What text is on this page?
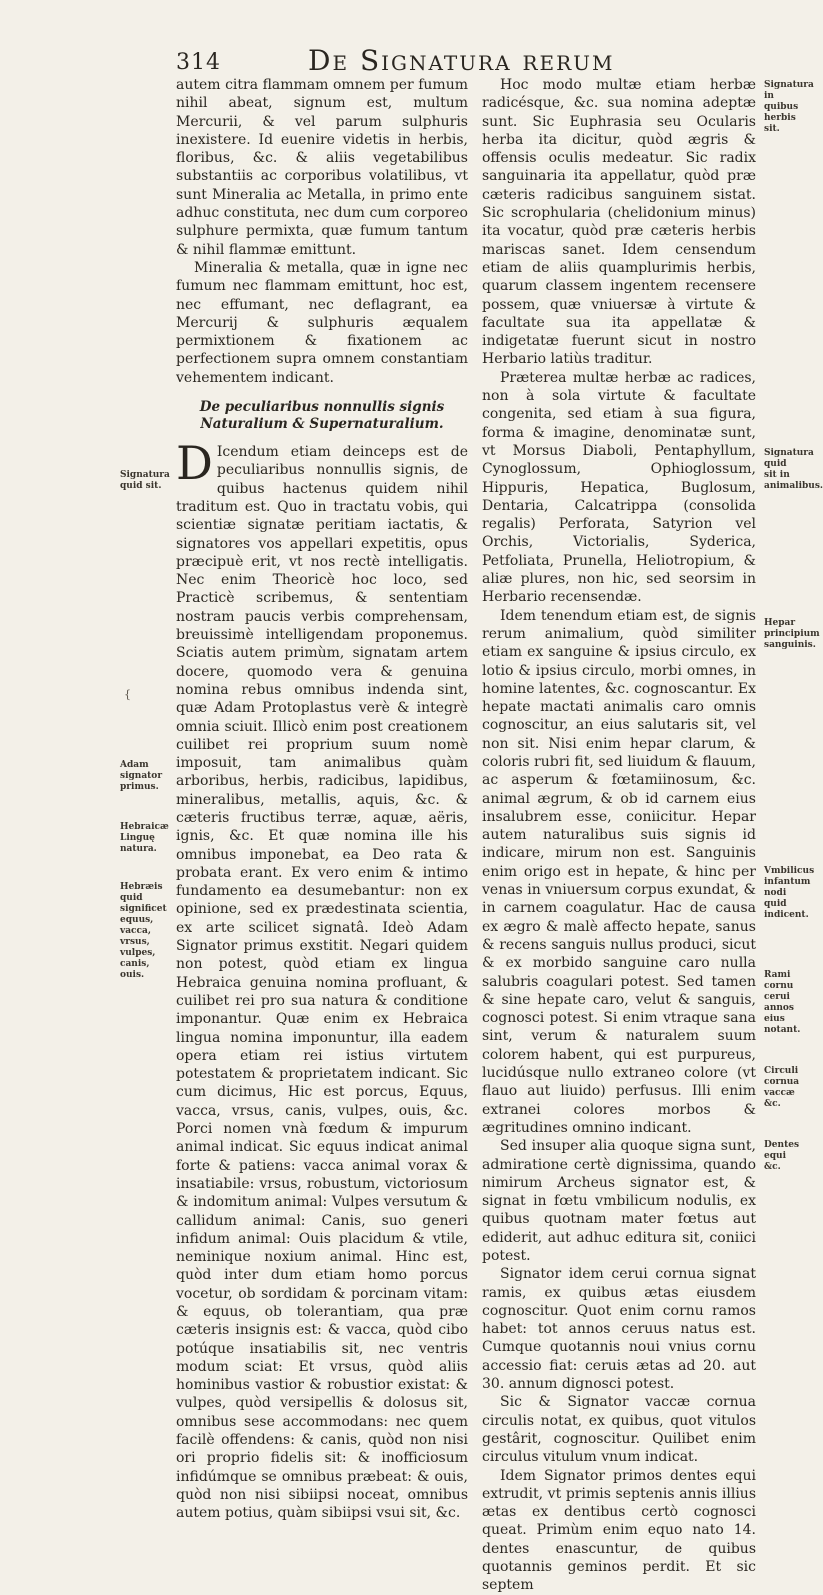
314	De Signatura rerum

autem citra flammam omnem per fumum nihil abeat, signum est, multum Mercurii, & vel parum sulphuris inexistere. Id euenire videtis in herbis, floribus, &c. & aliis vegetabilibus substantiis ac corporibus volatilibus, vt sunt Mineralia ac Metalla, in primo ente adhuc constituta, nec dum cum corporeo sulphure permixta, quæ fumum tantum & nihil flammæ emittunt.

Mineralia & metalla, quæ in igne nec fumum nec flammam emittunt, hoc est, nec effumant, nec deflagrant, ea Mercurij & sulphuris æqualem permixtionem & fixationem ac perfectionem supra omnem constantiam vehementem indicant.

De peculiaribus nonnullis signis Naturalium & Supernaturalium.

D Icendum etiam deinceps est de peculiaribus nonnullis signis, de quibus hactenus quidem nihil traditum est. Quo in tractatu vobis, qui scientiæ signatæ peritiam iactatis, & signatores vos appellari expetitis, opus præcipuè erit, vt nos rectè intelligatis. Nec enim Theoricè hoc loco, sed Practicè scribemus, & sententiam nostram paucis verbis comprehensam, breuissimè intelligendam proponemus. Sciatis autem primùm, signatam artem docere, quomodo vera & genuina nomina rebus omnibus indenda sint, quæ Adam Protoplastus verè & integrè omnia sciuit. Illicò enim post creationem cuilibet rei proprium suum nomè imposuit, tam animalibus quàm arboribus, herbis, radicibus, lapidibus, mineralibus, metallis, aquis, &c. & cæteris fructibus terræ, aquæ, aëris, ignis, &c. Et quæ nomina ille his omnibus imponebat, ea Deo rata & probata erant. Ex vero enim & intimo fundamento ea desumebantur: non ex opinione, sed ex prædestinata scientia, ex arte scilicet signatâ. Ideò Adam Signator primus exstitit. Negari quidem non potest, quòd etiam ex lingua Hebraica genuina nomina profluant, & cuilibet rei pro sua natura & conditione imponantur. Quæ enim ex Hebraica lingua nomina imponuntur, illa eadem opera etiam rei istius virtutem potestatem & proprietatem indicant. Sic cum dicimus, Hic est porcus, Equus, vacca, vrsus, canis, vulpes, ouis, &c. Porci nomen vnà fœdum & impurum animal indicat. Sic equus indicat animal forte & patiens: vacca animal vorax & insatiabile: vrsus, robustum, victoriosum & indomitum animal: Vulpes versutum & callidum animal: Canis, suo generi infidum animal: Ouis placidum & vtile, neminique noxium animal. Hinc est, quòd inter dum etiam homo porcus vocetur, ob sordidam & porcinam vitam: & equus, ob tolerantiam, qua præ cæteris insignis est: & vacca, quòd cibo potúque insatiabilis sit, nec ventris modum sciat: Et vrsus, quòd aliis hominibus vastior & robustior existat: & vulpes, quòd versipellis & dolosus sit, omnibus sese accommodans: nec quem facilè offendens: & canis, quòd non nisi ori proprio fidelis sit: & inofficiosum infidúmque se omnibus præbeat: & ouis, quòd non nisi sibiipsi noceat, omnibus autem potius, quàm sibiipsi vsui sit, &c.

Hoc modo multæ etiam herbæ radicésque, &c. sua nomina adeptæ sunt. Sic Euphrasia seu Ocularis herba ita dicitur, quòd ægris & offensis oculis medeatur. Sic radix sanguinaria ita appellatur, quòd præ cæteris radicibus sanguinem sistat. Sic scrophularia (chelidonium minus) ita vocatur, quòd præ cæteris herbis mariscas sanet. Idem censendum etiam de aliis quamplurimis herbis, quarum classem ingentem recensere possem, quæ vniuersæ à virtute & facultate sua ita appellatæ & indigetatæ fuerunt sicut in nostro Herbario latiùs traditur.

Præterea multæ herbæ ac radices, non à sola virtute & facultate congenita, sed etiam à sua figura, forma & imagine, denominatæ sunt, vt Morsus Diaboli, Pentaphyllum, Cynoglossum, Ophioglossum, Hippuris, Hepatica, Buglosum, Dentaria, Calcatrippa (consolida regalis) Perforata, Satyrion vel Orchis, Victorialis, Syderica, Petfoliata, Prunella, Heliotropium, & aliæ plures, non hic, sed seorsim in Herbario recensendæ.

Idem tenendum etiam est, de signis rerum animalium, quòd similiter etiam ex sanguine & ipsius circulo, ex lotio & ipsius circulo, morbi omnes, in homine latentes, &c. cognoscantur. Ex hepate mactati animalis caro omnis cognoscitur, an eius salutaris sit, vel non sit. Nisi enim hepar clarum, & coloris rubri fit, sed liuidum & flauum, ac asperum & fœtamiinosum, &c. animal ægrum, & ob id carnem eius insalubrem esse, coniicitur. Hepar autem naturalibus suis signis id indicare, mirum non est. Sanguinis enim origo est in hepate, & hinc per venas in vniuersum corpus exundat, & in carnem coagulatur. Hac de causa ex ægro & malè affecto hepate, sanus & recens sanguis nullus produci, sicut & ex morbido sanguine caro nulla salubris coagulari potest. Sed tamen & sine hepate caro, velut & sanguis, cognosci potest. Si enim vtraque sana sint, verum & naturalem suum colorem habent, qui est purpureus, lucidúsque nullo extraneo colore (vt flauo aut liuido) perfusus. Illi enim extranei colores morbos & ægritudines omnino indicant.

Sed insuper alia quoque signa sunt, admiratione certè dignissima, quando nimirum Archeus signator est, & signat in fœtu vmbilicum nodulis, ex quibus quotnam mater fœtus aut ediderit, aut adhuc editura sit, coniici potest.

Signator idem cerui cornua signat ramis, ex quibus ætas eiusdem cognoscitur. Quot enim cornu ramos habet: tot annos ceruus natus est. Cumque quotannis noui vnius cornu accessio fiat: ceruis ætas ad 20. aut 30. annum dignosci potest.

Sic & Signator vaccæ cornua circulis notat, ex quibus, quot vitulos gestârit, cognoscitur. Quilibet enim circulus vitulum vnum indicat.

Idem Signator primos dentes equi extrudit, vt primis septenis annis illius ætas ex dentibus certò cognosci queat. Primùm enim equo nato 14. dentes enascuntur, de quibus quotannis geminos perdit. Et sic septem

Signatura quid sit.
{
Adam signator primus.
Hebraicæ Linguę natura.
Hebræis quid significet equus, vacca, vrsus, vulpes, canis, ouis.
Signatura in quibus herbis sit.
Signatura quid sit in animalibus.
Hepar principium sanguinis.
Vmbilicus infantum nodi quid indicent.
Rami cornu cerui annos eius notant.
Circuli cornua vaccæ &c.
Dentes equi &c.
